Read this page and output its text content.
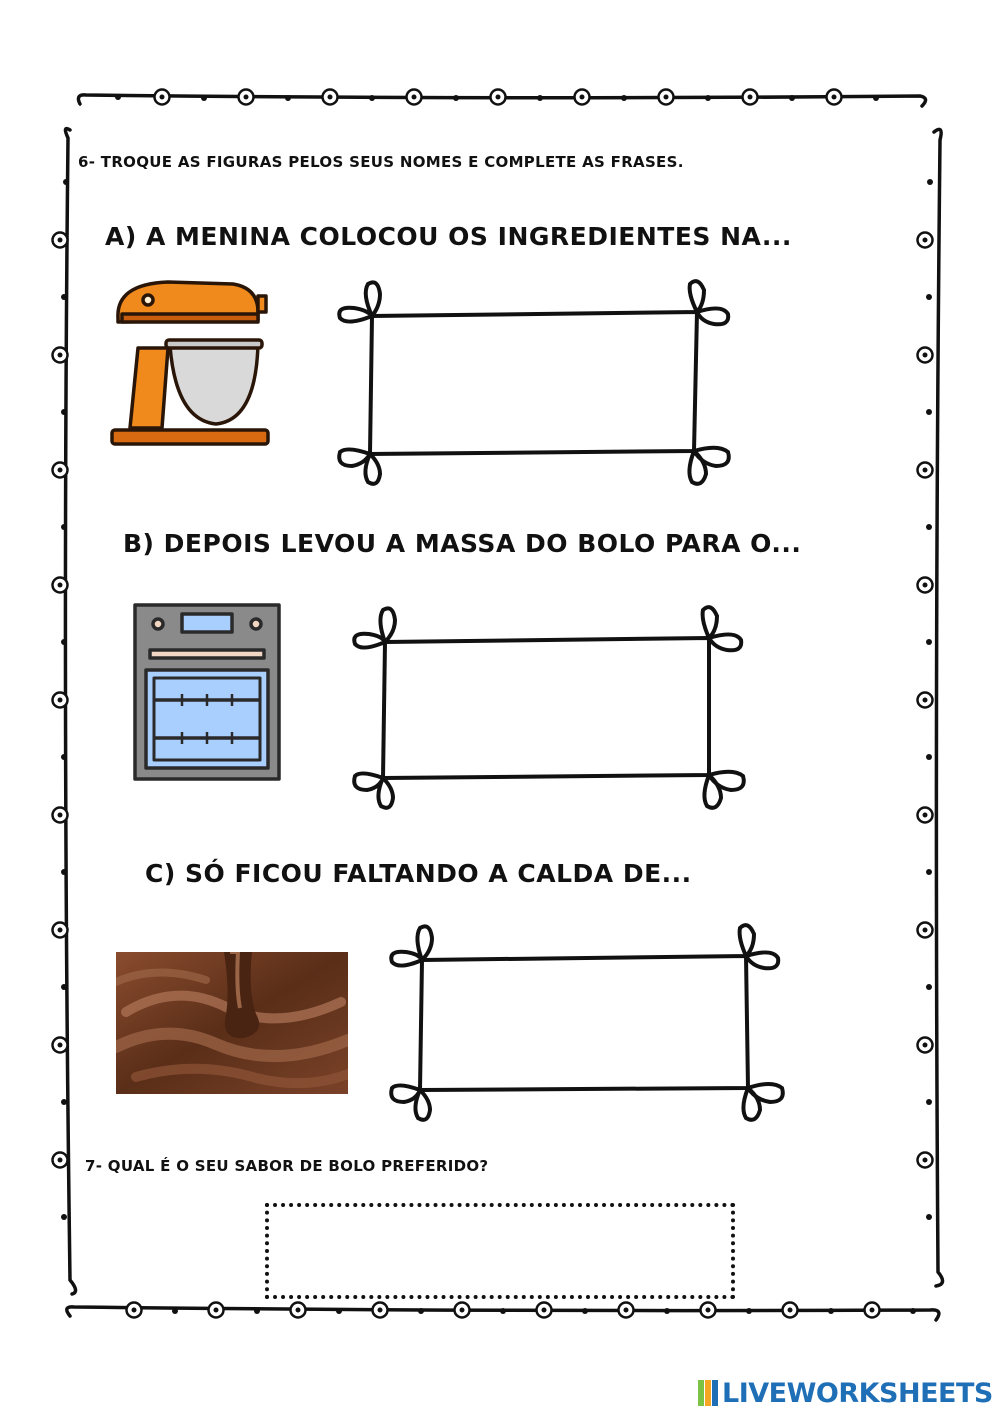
6- TROQUE AS FIGURAS PELOS SEUS NOMES E COMPLETE AS FRASES.
A) A MENINA COLOCOU OS INGREDIENTES NA...
B) DEPOIS LEVOU A MASSA DO BOLO PARA O...
C) SÓ FICOU FALTANDO A CALDA DE...
7- QUAL É O SEU SABOR DE BOLO PREFERIDO?
LIVEWORKSHEETS
